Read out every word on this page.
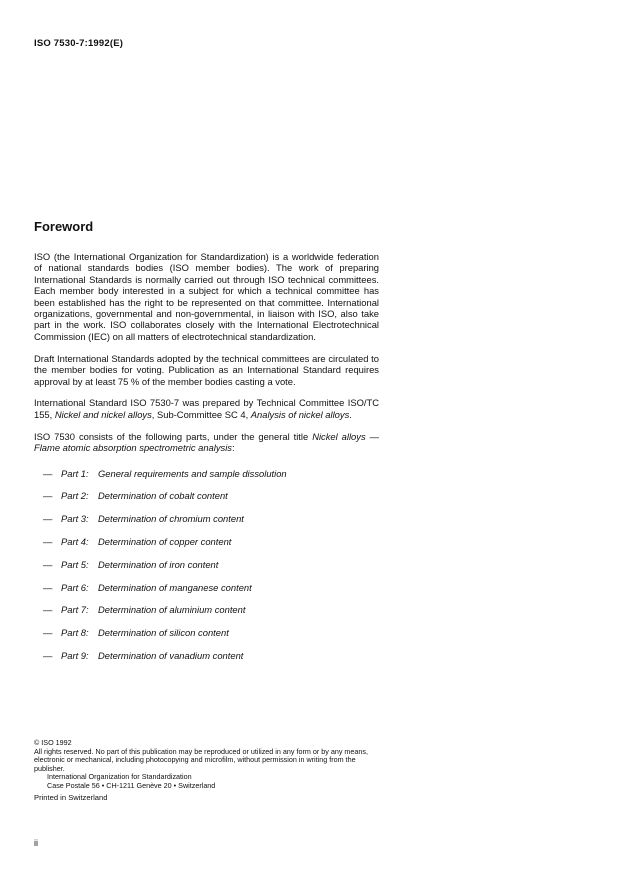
ISO 7530-7:1992(E)
Foreword

ISO (the International Organization for Standardization) is a worldwide federation of national standards bodies (ISO member bodies). The work of preparing International Standards is normally carried out through ISO technical committees. Each member body interested in a subject for which a technical committee has been established has the right to be represented on that committee. International organizations, governmental and non-governmental, in liaison with ISO, also take part in the work. ISO collaborates closely with the International Electrotechnical Commission (IEC) on all matters of electrotechnical standardization.

Draft International Standards adopted by the technical committees are circulated to the member bodies for voting. Publication as an International Standard requires approval by at least 75 % of the member bodies casting a vote.

International Standard ISO 7530-7 was prepared by Technical Committee ISO/TC 155, Nickel and nickel alloys, Sub-Committee SC 4, Analysis of nickel alloys.

ISO 7530 consists of the following parts, under the general title Nickel alloys — Flame atomic absorption spectrometric analysis:

— Part 1: General requirements and sample dissolution
— Part 2: Determination of cobalt content
— Part 3: Determination of chromium content
— Part 4: Determination of copper content
— Part 5: Determination of iron content
— Part 6: Determination of manganese content
— Part 7: Determination of aluminium content
— Part 8: Determination of silicon content
— Part 9: Determination of vanadium content
© ISO 1992
All rights reserved. No part of this publication may be reproduced or utilized in any form or by any means, electronic or mechanical, including photocopying and microfilm, without permission in writing from the publisher.
International Organization for Standardization
Case Postale 56 • CH-1211 Genève 20 • Switzerland
Printed in Switzerland
ii
